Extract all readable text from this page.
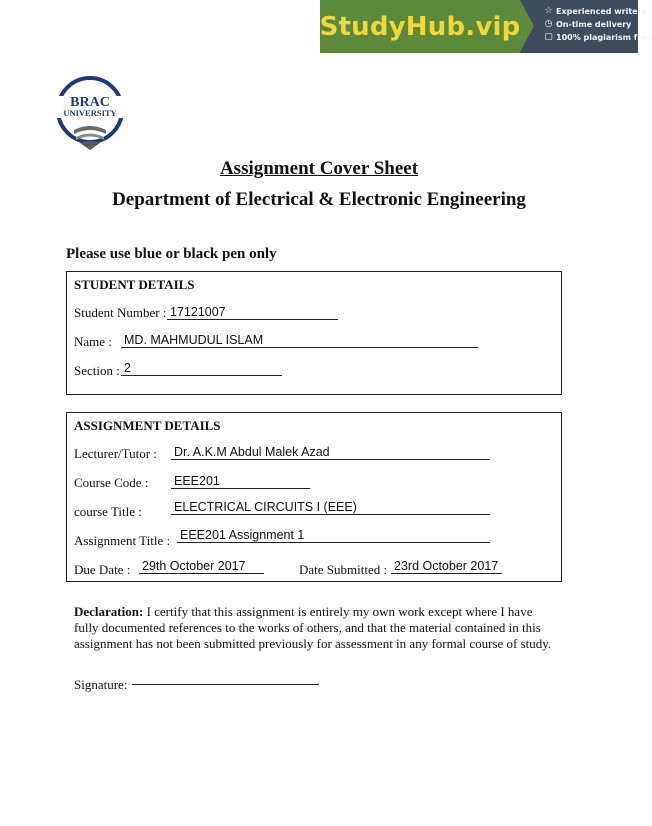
StudyHub.vip
☆ Experienced writers
◷ On-time delivery
▢ 100% plagiarism free
BRAC
UNIVERSITY
Assignment Cover Sheet
Department of Electrical & Electronic Engineering
Please use blue or black pen only
STUDENT DETAILS
Student Number : 17121007
Name : MD. MAHMUDUL ISLAM
Section : 2
ASSIGNMENT DETAILS
Lecturer/Tutor : Dr. A.K.M Abdul Malek Azad
Course Code : EEE201
course Title :	ELECTRICAL CIRCUITS I (EEE)
Assignment Title : EEE201 Assignment 1
Due Date : 29th October 2017	Date Submitted : 23rd October 2017
Declaration: I certify that this assignment is entirely my own work except where I have fully documented references to the works of others, and that the material contained in this assignment has not been submitted previously for assessment in any formal course of study.
Signature:
